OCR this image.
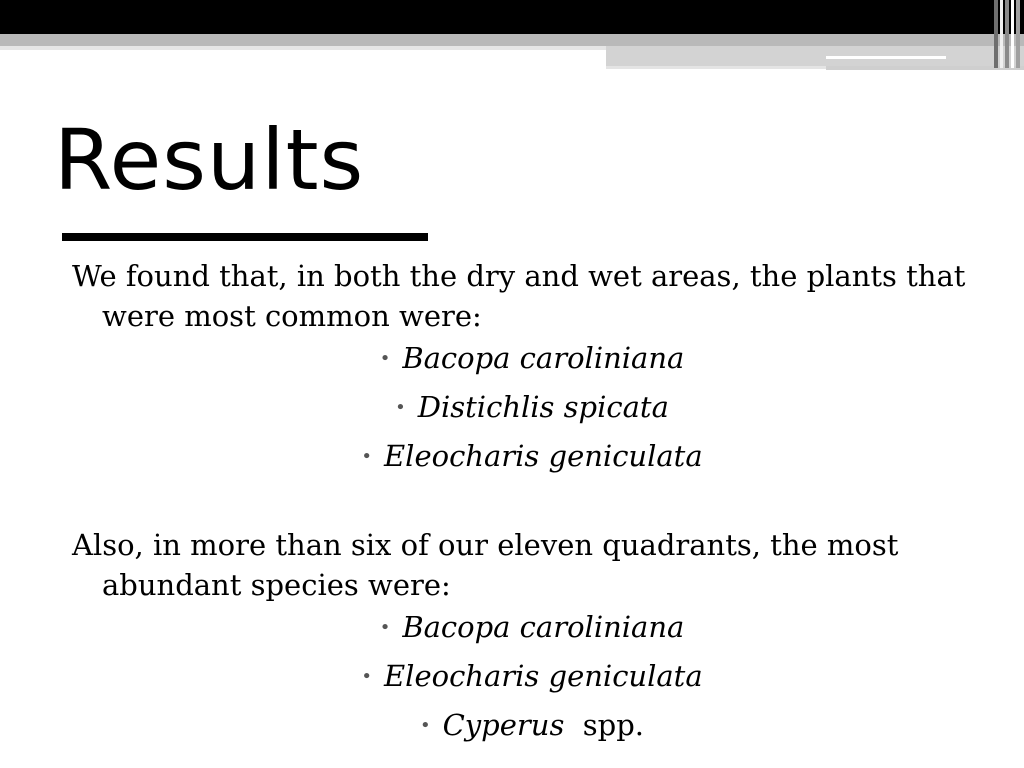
Results

We found that, in both the dry and wet areas, the plants that were most common were:

• Bacopa caroliniana
• Distichlis spicata
• Eleocharis geniculata

Also, in more than six of our eleven quadrants, the most abundant species were:

• Bacopa caroliniana
• Eleocharis geniculata
• Cyperus spp.
